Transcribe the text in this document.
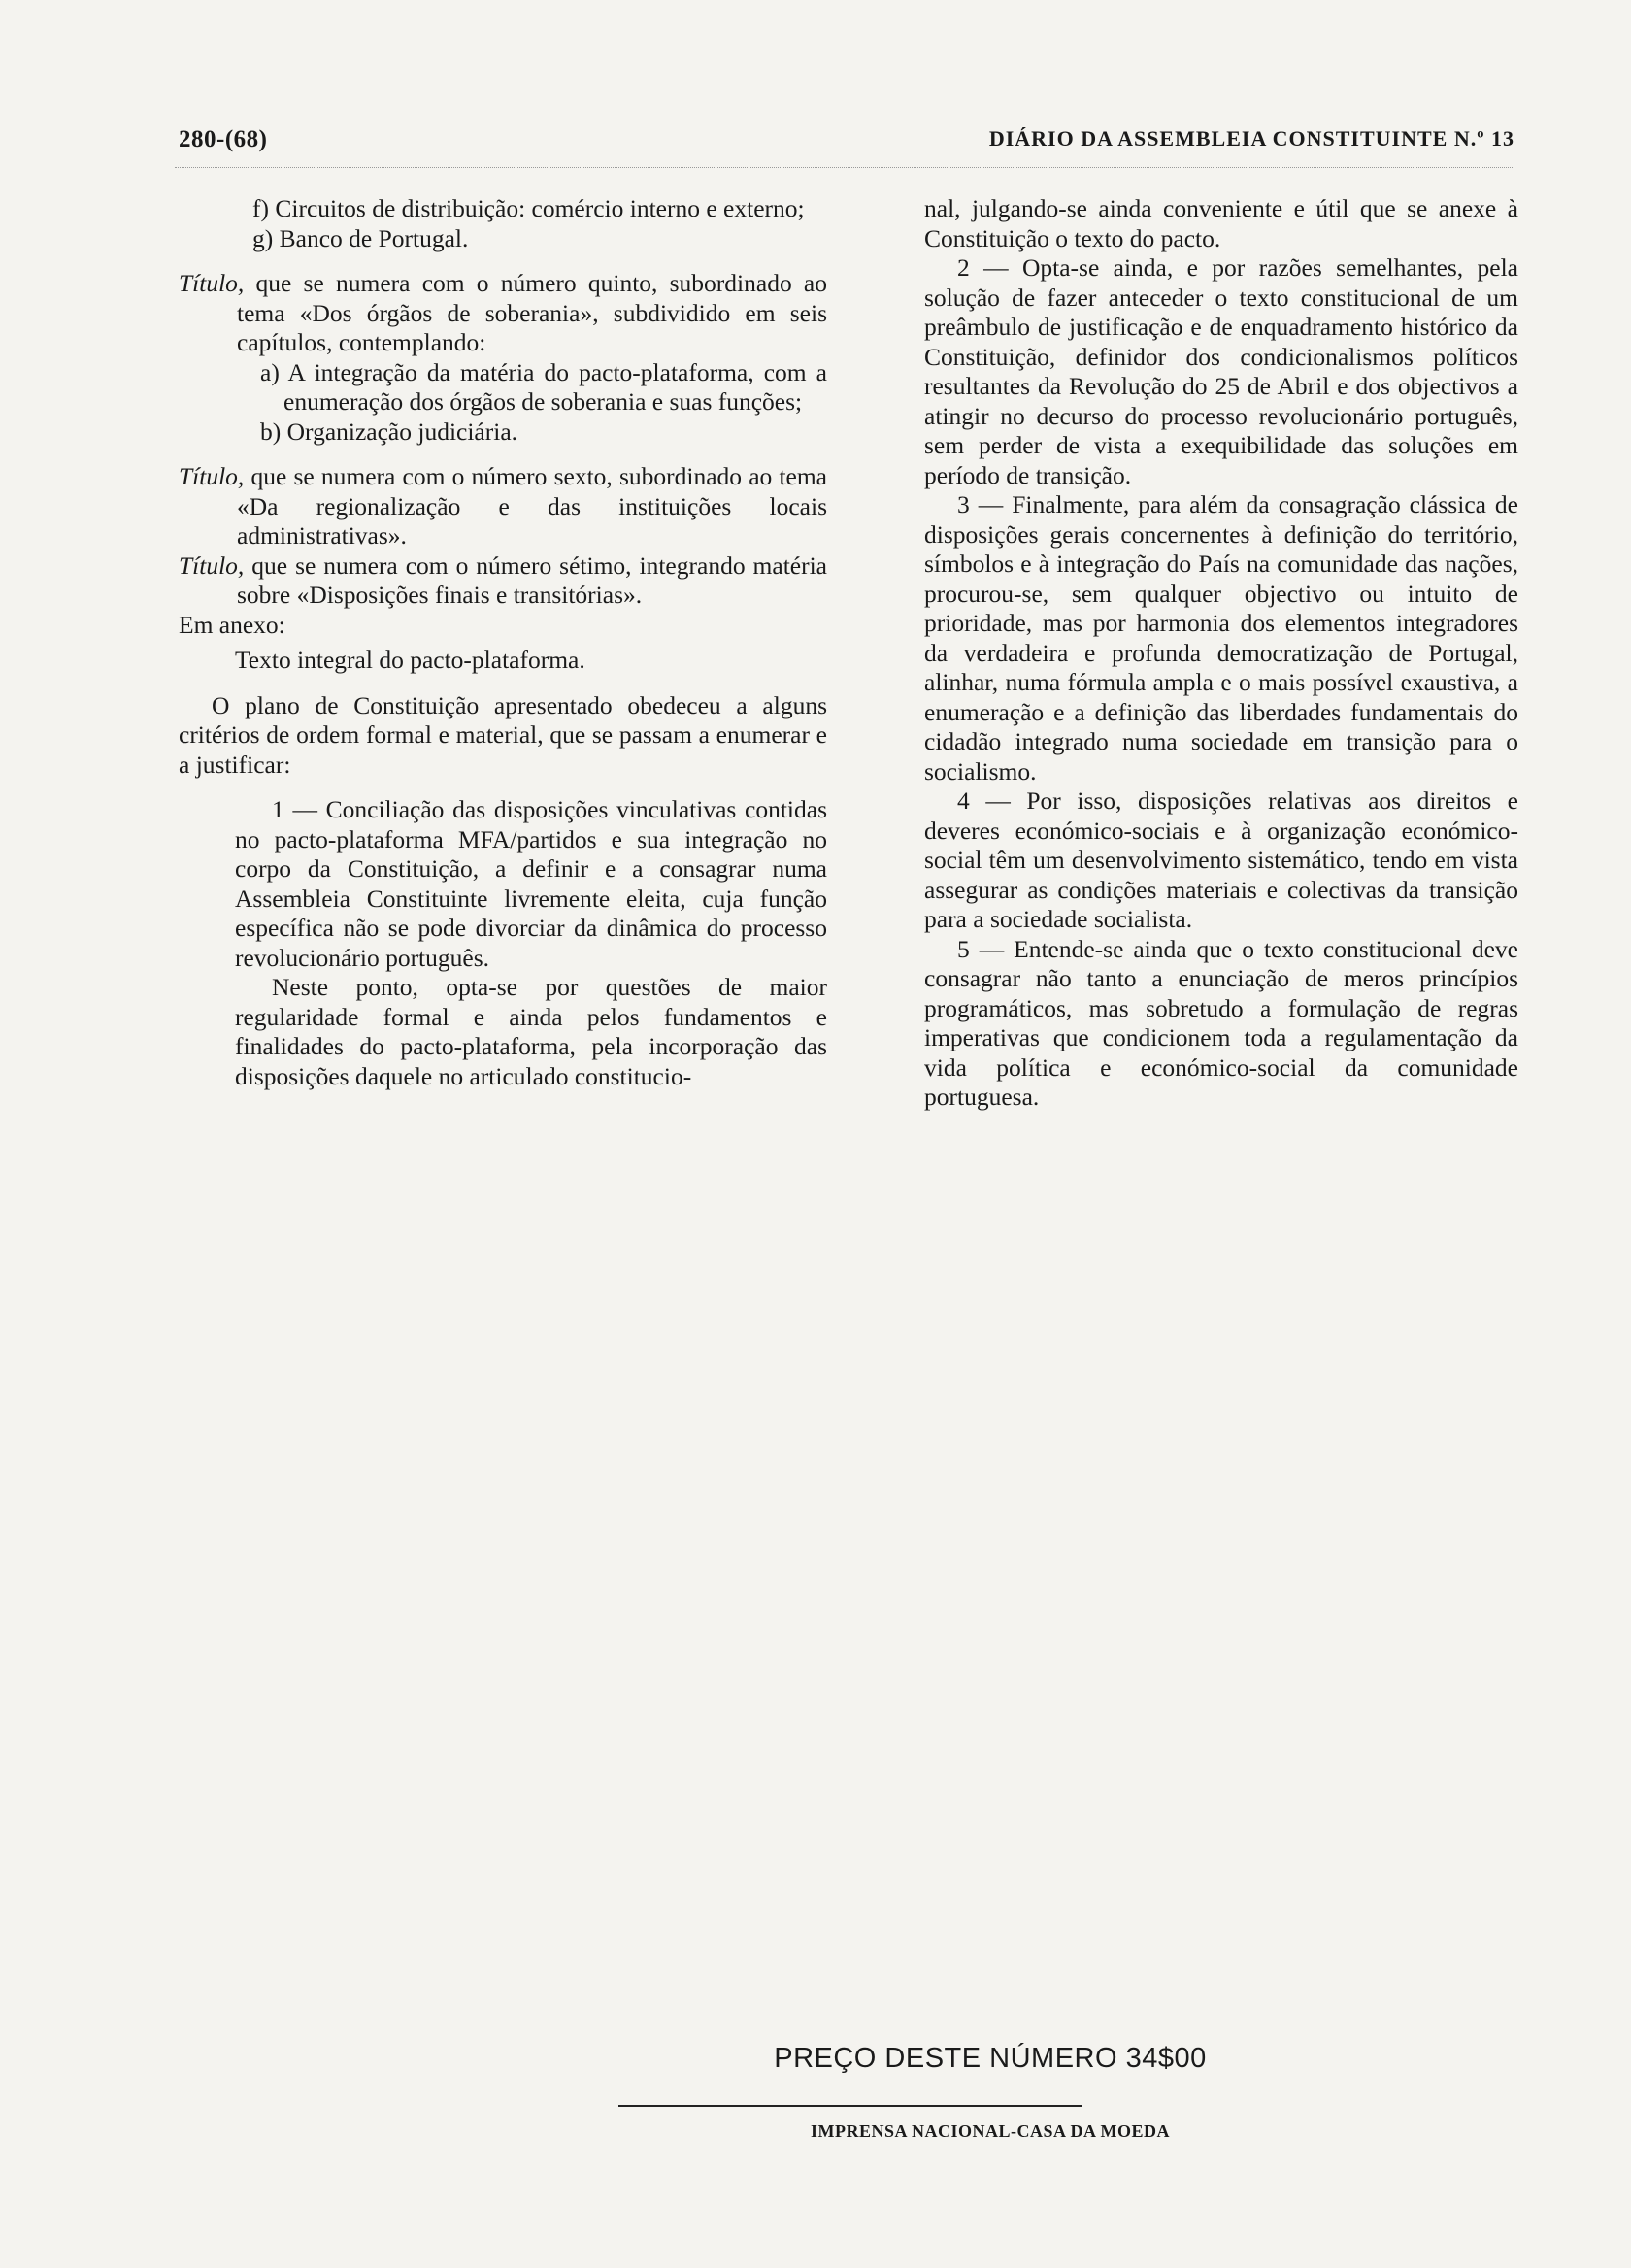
280-(68)	DIÁRIO DA ASSEMBLEIA CONSTITUINTE N.º 13

f) Circuitos de distribuição: comércio interno e externo;

g) Banco de Portugal.

Título, que se numera com o número quinto, subordinado ao tema «Dos órgãos de soberania», subdividido em seis capítulos, contemplando:

a) A integração da matéria do pacto-plataforma, com a enumeração dos órgãos de soberania e suas funções;

b) Organização judiciária.

Título, que se numera com o número sexto, subordinado ao tema «Da regionalização e das instituições locais administrativas».

Título, que se numera com o número sétimo, integrando matéria sobre «Disposições finais e transitórias».

Em anexo:

Texto integral do pacto-plataforma.

O plano de Constituição apresentado obedeceu a alguns critérios de ordem formal e material, que se passam a enumerar e a justificar:

1 — Conciliação das disposições vinculativas contidas no pacto-plataforma MFA/partidos e sua integração no corpo da Constituição, a definir e a consagrar numa Assembleia Constituinte livremente eleita, cuja função específica não se pode divorciar da dinâmica do processo revolucionário português.

Neste ponto, opta-se por questões de maior regularidade formal e ainda pelos fundamentos e finalidades do pacto-plataforma, pela incorporação das disposições daquele no articulado constitucio-

nal, julgando-se ainda conveniente e útil que se anexe à Constituição o texto do pacto.

2 — Opta-se ainda, e por razões semelhantes, pela solução de fazer anteceder o texto constitucional de um preâmbulo de justificação e de enquadramento histórico da Constituição, definidor dos condicionalismos políticos resultantes da Revolução do 25 de Abril e dos objectivos a atingir no decurso do processo revolucionário português, sem perder de vista a exequibilidade das soluções em período de transição.

3 — Finalmente, para além da consagração clássica de disposições gerais concernentes à definição do território, símbolos e à integração do País na comunidade das nações, procurou-se, sem qualquer objectivo ou intuito de prioridade, mas por harmonia dos elementos integradores da verdadeira e profunda democratização de Portugal, alinhar, numa fórmula ampla e o mais possível exaustiva, a enumeração e a definição das liberdades fundamentais do cidadão integrado numa sociedade em transição para o socialismo.

4 — Por isso, disposições relativas aos direitos e deveres económico-sociais e à organização económico-social têm um desenvolvimento sistemático, tendo em vista assegurar as condições materiais e colectivas da transição para a sociedade socialista.

5 — Entende-se ainda que o texto constitucional deve consagrar não tanto a enunciação de meros princípios programáticos, mas sobretudo a formulação de regras imperativas que condicionem toda a regulamentação da vida política e económico-social da comunidade portuguesa.

PREÇO DESTE NÚMERO 34$00
IMPRENSA NACIONAL-CASA DA MOEDA
